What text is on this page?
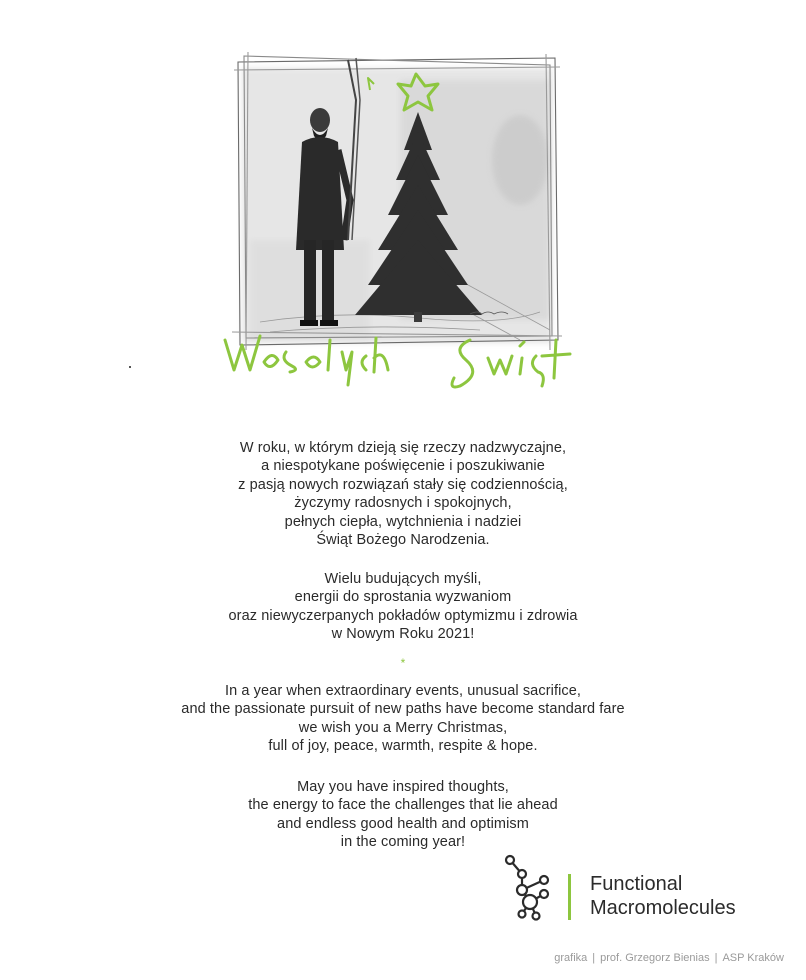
W roku, w którym dzieją się rzeczy nadzwyczajne,
a niespotykane poświęcenie i poszukiwanie
z pasją nowych rozwiązań stały się codziennością,
życzymy radosnych i spokojnych,
pełnych ciepła, wytchnienia i nadziei
Świąt Bożego Narodzenia.
Wielu budujących myśli,
energii do sprostania wyzwaniom
oraz niewyczerpanych pokładów optymizmu i zdrowia
w Nowym Roku 2021!
*
In a year when extraordinary events, unusual sacrifice,
and the passionate pursuit of new paths have become standard fare
we wish you a Merry Christmas,
full of joy, peace, warmth, respite & hope.
May you have inspired thoughts,
the energy to face the challenges that lie ahead
and endless good health and optimism
in the coming year!
Functional
Macromolecules
grafika | prof. Grzegorz Bienias | ASP Kraków
